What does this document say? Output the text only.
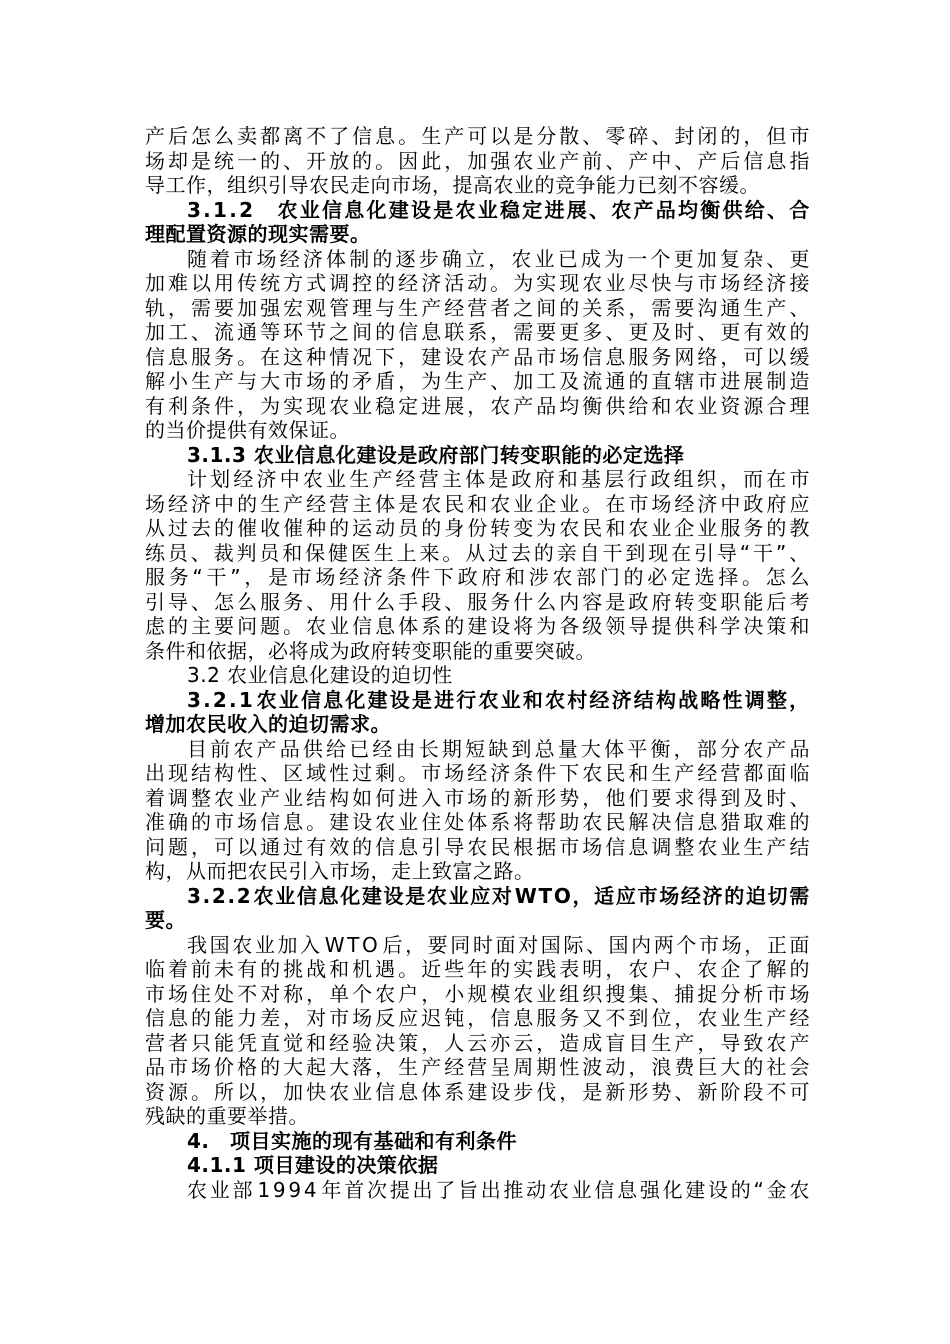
产 后 怎 么 卖 都 离 不 了 信 息 。 生 产 可 以 是 分 散 、 零 碎 、 封 闭 的 ， 但 市
场 却 是 统 一 的 、 开 放 的 。 因 此 ， 加 强 农 业 产 前 、 产 中 、 产 后 信 息 指
导工作，组织引导农民走向市场，提高农业的竞争能力已刻不容缓。
3 . 1 . 2
　 农 业 信 息 化 建 设 是 农 业 稳 定 进 展 、 农 产 品 均 衡 供 给 、 合
理配置资源的现实需要。
随 着 市 场 经 济 体 制 的 逐 步 确 立 ， 农 业 已 成 为 一 个 更 加 复 杂 、 更
加 难 以 用 传 统 方 式 调 控 的 经 济 活 动 。 为 实 现 农 业 尽 快 与 市 场 经 济 接
轨 ， 需 要 加 强 宏 观 管 理 与 生 产 经 营 者 之 间 的 关 系 ， 需 要 沟 通 生 产 、
加 工 、 流 通 等 环 节 之 间 的 信 息 联 系 ， 需 要 更 多 、 更 及 时 、 更 有 效 的
信 息 服 务 。 在 这 种 情 况 下 ， 建 设 农 产 品 市 场 信 息 服 务 网 络 ， 可 以 缓
解 小 生 产 与 大 市 场 的 矛 盾 ， 为 生 产 、 加 工 及 流 通 的 直 辖 市 进 展 制 造
有 利 条 件 ， 为 实 现 农 业 稳 定 进 展 ， 农 产 品 均 衡 供 给 和 农 业 资 源 合 理
的当价提供有效保证。
3.1.3 农业信息化建设是政府部门转变职能的必定选择
计 划 经 济 中 农 业 生 产 经 营 主 体 是 政 府 和 基 层 行 政 组 织 ， 而 在 市
场 经 济 中 的 生 产 经 营 主 体 是 农 民 和 农 业 企 业 。 在 市 场 经 济 中 政 府 应
从 过 去 的 催 收 催 种 的 运 动 员 的 身 份 转 变 为 农 民 和 农 业 企 业 服 务 的 教
练 员 、 裁 判 员 和 保 健 医 生 上 来 。 从 过 去 的 亲 自 干 到 现 在 引 导 “ 干 ” 、
服 务 “ 干 ” ， 是 市 场 经 济 条 件 下 政 府 和 涉 农 部 门 的 必 定 选 择 。 怎 么
引 导 、 怎 么 服 务 、 用 什 么 手 段 、 服 务 什 么 内 容 是 政 府 转 变 职 能 后 考
虑 的 主 要 问 题 。 农 业 信 息 体 系 的 建 设 将 为 各 级 领 导 提 供 科 学 决 策 和
条件和依据，必将成为政府转变职能的重要突破。
3.2 农业信息化建设的迫切性
3 . 2 . 1 农 业 信 息 化 建 设 是 进 行 农 业 和 农 村 经 济 结 构 战 略 性 调 整 ，
增加农民收入的迫切需求。
目 前 农 产 品 供 给 已 经 由 长 期 短 缺 到 总 量 大 体 平 衡 ， 部 分 农 产 品
出 现 结 构 性 、 区 域 性 过 剩 。 市 场 经 济 条 件 下 农 民 和 生 产 经 营 都 面 临
着 调 整 农 业 产 业 结 构 如 何 进 入 市 场 的 新 形 势 ， 他 们 要 求 得 到 及 时 、
准 确 的 市 场 信 息 。 建 设 农 业 住 处 体 系 将 帮 助 农 民 解 决 信 息 猎 取 难 的
问 题 ， 可 以 通 过 有 效 的 信 息 引 导 农 民 根 据 市 场 信 息 调 整 农 业 生 产 结
构，从而把农民引入市场，走上致富之路。
3 . 2 . 2 农 业 信 息 化 建 设 是 农 业 应 对 W T O ， 适 应 市 场 经 济 的 迫 切 需
要。
我 国 农 业 加 入 W T O 后 ， 要 同 时 面 对 国 际 、 国 内 两 个 市 场 ， 正 面
临 着 前 未 有 的 挑 战 和 机 遇 。 近 些 年 的 实 践 表 明 ， 农 户 、 农 企 了 解 的
市 场 住 处 不 对 称 ， 单 个 农 户 ， 小 规 模 农 业 组 织 搜 集 、 捕 捉 分 析 市 场
信 息 的 能 力 差 ， 对 市 场 反 应 迟 钝 ， 信 息 服 务 又 不 到 位 ， 农 业 生 产 经
营 者 只 能 凭 直 觉 和 经 验 决 策 ， 人 云 亦 云 ， 造 成 盲 目 生 产 ， 导 致 农 产
品 市 场 价 格 的 大 起 大 落 ， 生 产 经 营 呈 周 期 性 波 动 ， 浪 费 巨 大 的 社 会
资 源 。 所 以 ， 加 快 农 业 信 息 体 系 建 设 步 伐 ， 是 新 形 势 、 新 阶 段 不 可
残缺的重要举措。
4.　项目实施的现有基础和有利条件
4.1.1 项目建设的决策依据
农 业 部 1 9 9 4 年 首 次 提 出 了 旨 出 推 动 农 业 信 息 强 化 建 设 的 “ 金 农
